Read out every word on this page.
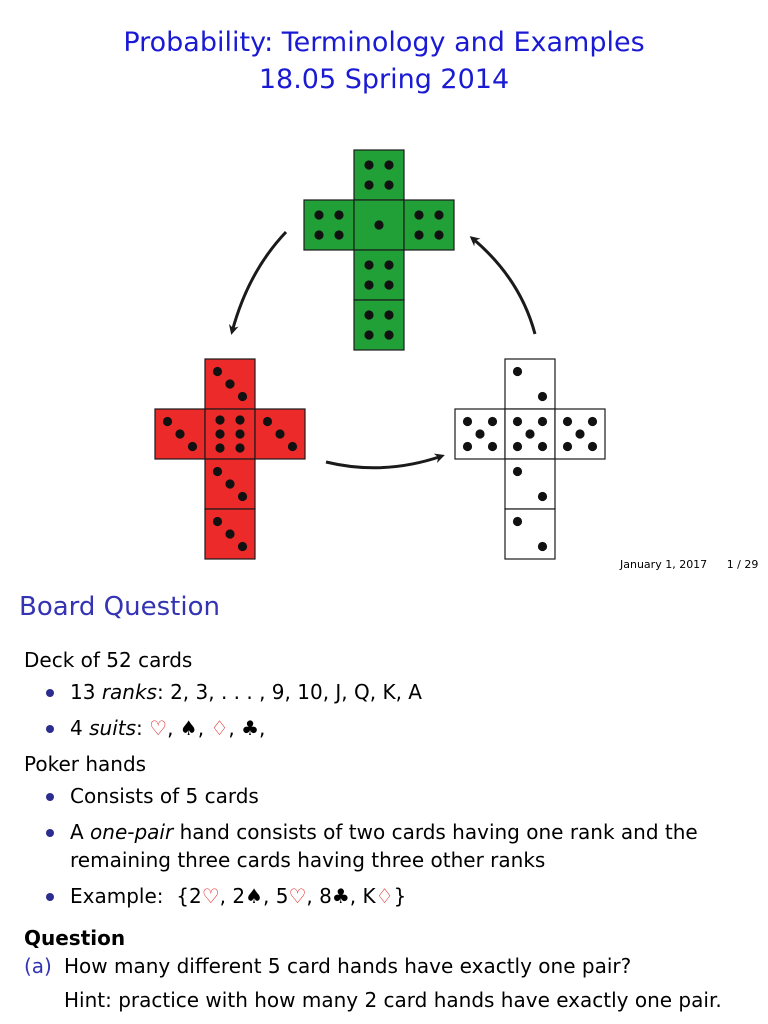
Probability: Terminology and Examples
18.05 Spring 2014
January 1, 2017 1 / 29
Board Question

Deck of 52 cards

13 ranks: 2, 3, . . . , 9, 10, J, Q, K, A
4 suits: ♡, ♠, ♢, ♣,

Poker hands

Consists of 5 cards
A one-pair hand consists of two cards having one rank and the remaining three cards having three other ranks
Example: {2♡, 2♠, 5♡, 8♣, K♢}
Question
(a) How many different 5 card hands have exactly one pair?
Hint: practice with how many 2 card hands have exactly one pair.
